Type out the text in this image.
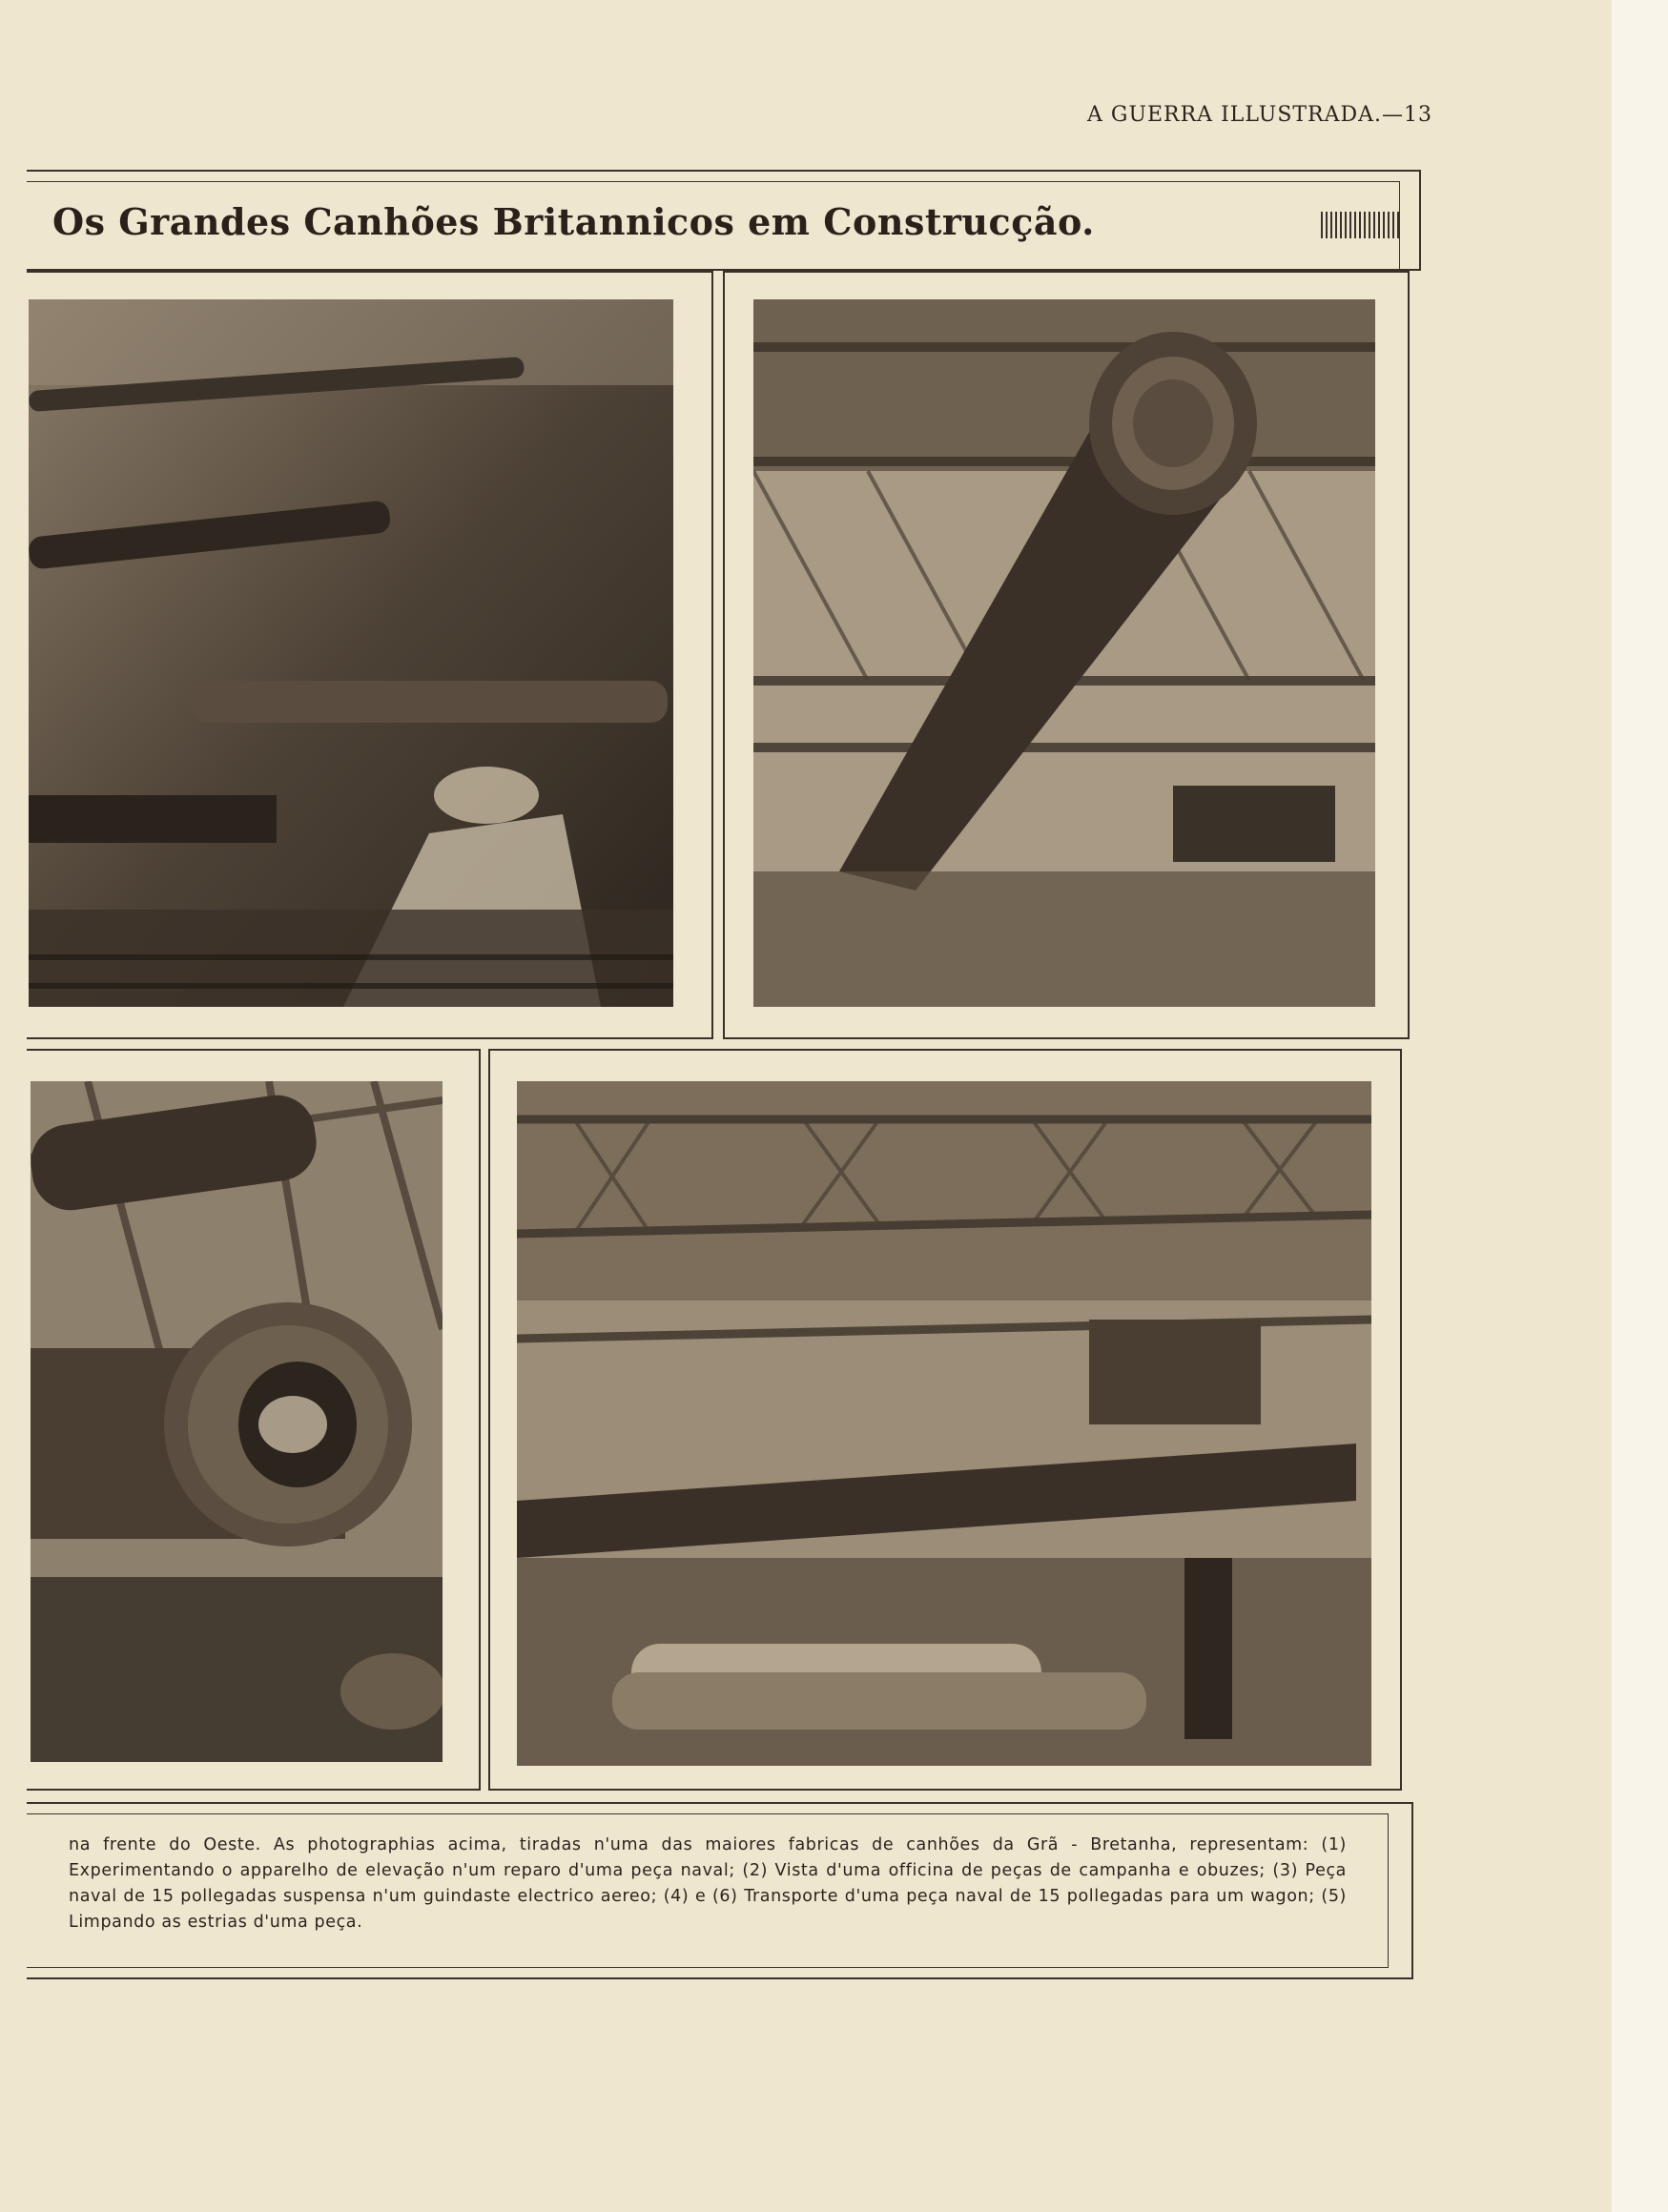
A GUERRA ILLUSTRADA.—13
Os Grandes Canhões Britannicos em Construcção.
na frente do Oeste. As photographias acima, tiradas n'uma das maiores fabricas de canhões da Grã - Bretanha, representam: (1) Experimentando o apparelho de elevação n'um reparo d'uma peça naval; (2) Vista d'uma officina de peças de campanha e obuzes; (3) Peça naval de 15 pollegadas suspensa n'um guindaste electrico aereo; (4) e (6) Transporte d'uma peça naval de 15 pollegadas para um wagon; (5) Limpando as estrias d'uma peça.
